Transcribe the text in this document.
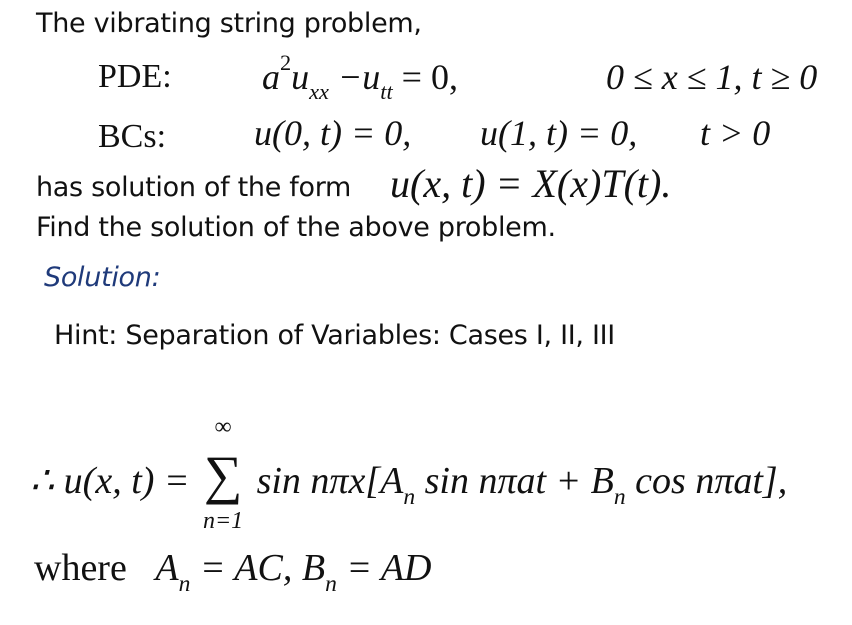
The vibrating string problem,
PDE:	$a^2u_{xx} -u_{tt} = 0$,	0 ≤ x ≤ 1, t ≥ 0
BCs: u(0, t) = 0, u(1, t) = 0, t > 0
has solution of the form u(x, t) = X(x)T(t).
Find the solution of the above problem.
Solution:
Hint: Separation of Variables: Cases I, II, III
∴ u(x, t) =
∞
∑
n=1
$\sin n\pi x[A_n$ $\sin n\pi at + B_n$ cos nπat],
where $A_n$ = AC, $B_n$ = AD
